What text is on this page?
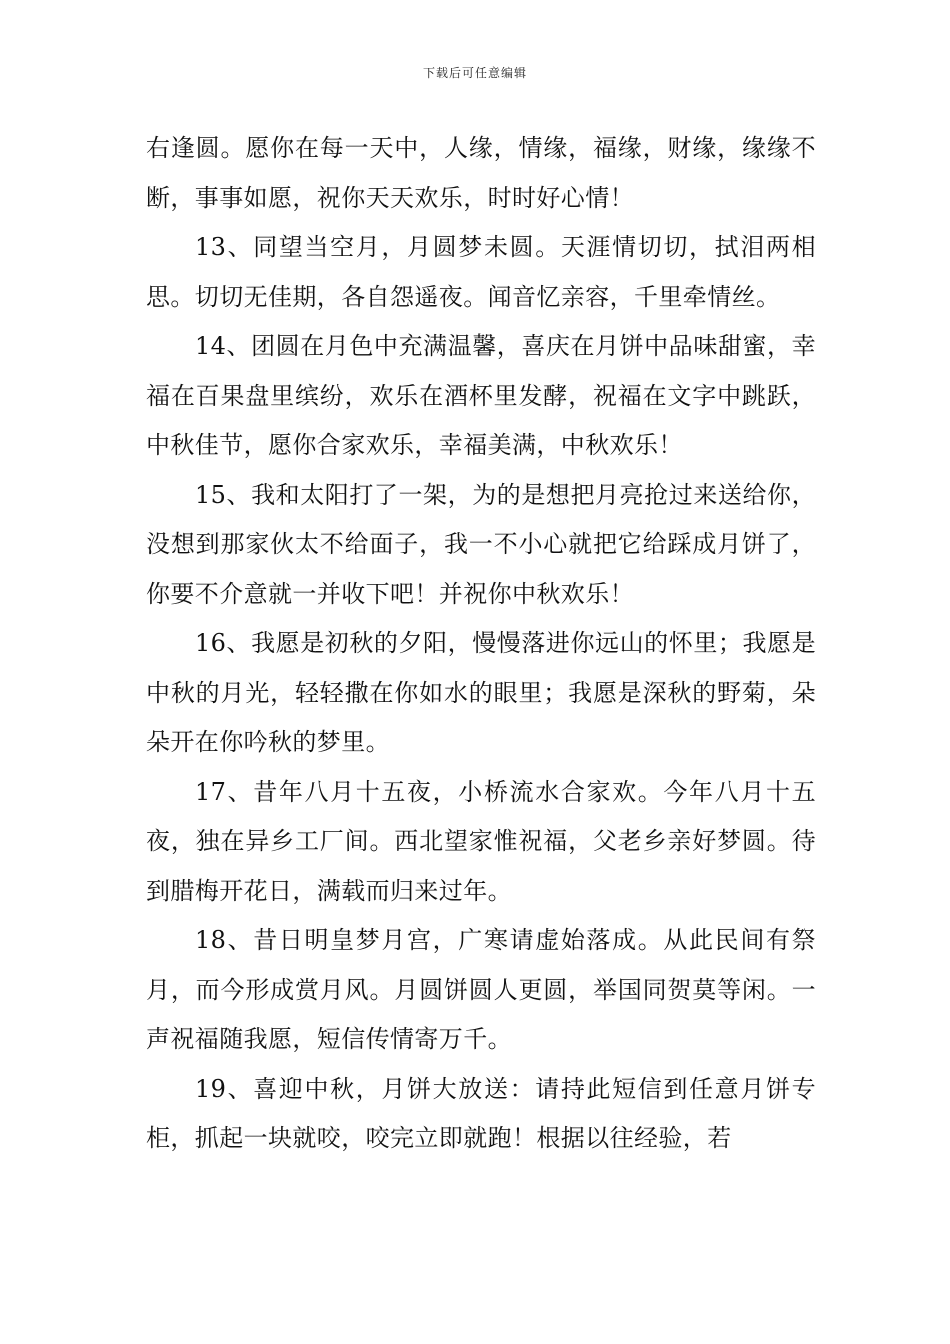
下载后可任意编辑

右逢圆。愿你在每一天中，人缘，情缘，福缘，财缘，缘缘不断，事事如愿，祝你天天欢乐，时时好心情！

13、同望当空月，月圆梦未圆。天涯情切切，拭泪两相思。切切无佳期，各自怨遥夜。闻音忆亲容，千里牵情丝。

14、团圆在月色中充满温馨，喜庆在月饼中品味甜蜜，幸福在百果盘里缤纷，欢乐在酒杯里发酵，祝福在文字中跳跃，中秋佳节，愿你合家欢乐，幸福美满，中秋欢乐！

15、我和太阳打了一架，为的是想把月亮抢过来送给你，没想到那家伙太不给面子，我一不小心就把它给踩成月饼了，你要不介意就一并收下吧！并祝你中秋欢乐！

16、我愿是初秋的夕阳，慢慢落进你远山的怀里；我愿是中秋的月光，轻轻撒在你如水的眼里；我愿是深秋的野菊，朵朵开在你吟秋的梦里。

17、昔年八月十五夜，小桥流水合家欢。今年八月十五夜，独在异乡工厂间。西北望家惟祝福，父老乡亲好梦圆。待到腊梅开花日，满载而归来过年。

18、昔日明皇梦月宫，广寒请虚始落成。从此民间有祭月，而今形成赏月风。月圆饼圆人更圆，举国同贺莫等闲。一声祝福随我愿，短信传情寄万千。

19、喜迎中秋，月饼大放送：请持此短信到任意月饼专柜，抓起一块就咬，咬完立即就跑！根据以往经验，若
